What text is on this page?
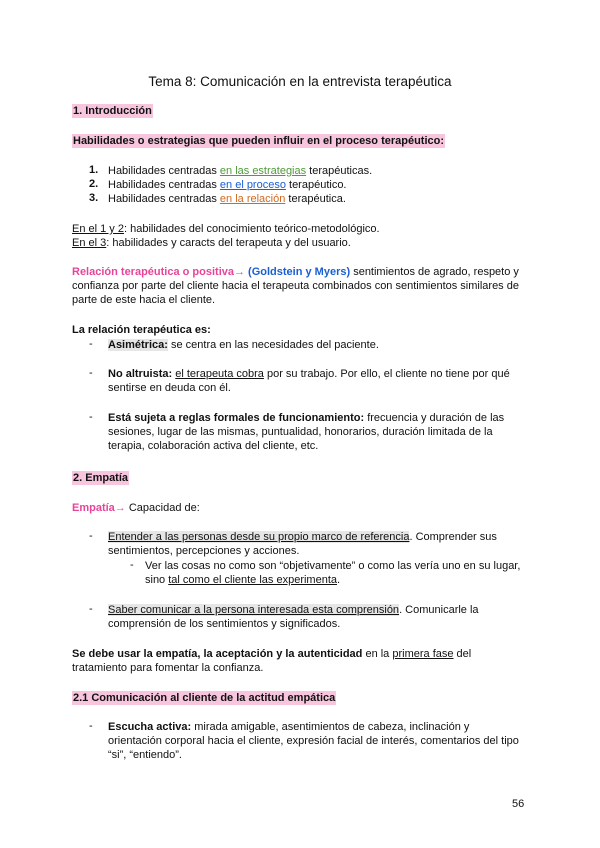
Tema 8: Comunicación en la entrevista terapéutica
1. Introducción
Habilidades o estrategias que pueden influir en el proceso terapéutico:
1. Habilidades centradas en las estrategias terapéuticas.
2. Habilidades centradas en el proceso terapéutico.
3. Habilidades centradas en la relación terapéutica.
En el 1 y 2: habilidades del conocimiento teórico-metodológico.
En el 3: habilidades y caracts del terapeuta y del usuario.
Relación terapéutica o positiva→ (Goldstein y Myers) sentimientos de agrado, respeto y
confianza por parte del cliente hacia el terapeuta combinados con sentimientos similares de
parte de este hacia el cliente.
La relación terapéutica es:
- Asimétrica: se centra en las necesidades del paciente.
- No altruista: el terapeuta cobra por su trabajo. Por ello, el cliente no tiene por qué
sentirse en deuda con él.
- Está sujeta a reglas formales de funcionamiento: frecuencia y duración de las
sesiones, lugar de las mismas, puntualidad, honorarios, duración limitada de la
terapia, colaboración activa del cliente, etc.
2. Empatía
Empatía→ Capacidad de:
- Entender a las personas desde su propio marco de referencia. Comprender sus
sentimientos, percepciones y acciones.
- Ver las cosas no como son “objetivamente” o como las vería uno en su lugar,
sino tal como el cliente las experimenta.
- Saber comunicar a la persona interesada esta comprensión. Comunicarle la
comprensión de los sentimientos y significados.
Se debe usar la empatía, la aceptación y la autenticidad en la primera fase del
tratamiento para fomentar la confianza.
2.1 Comunicación al cliente de la actitud empática
- Escucha activa: mirada amigable, asentimientos de cabeza, inclinación y
orientación corporal hacia el cliente, expresión facial de interés, comentarios del tipo
“si”, “entiendo”.
56
